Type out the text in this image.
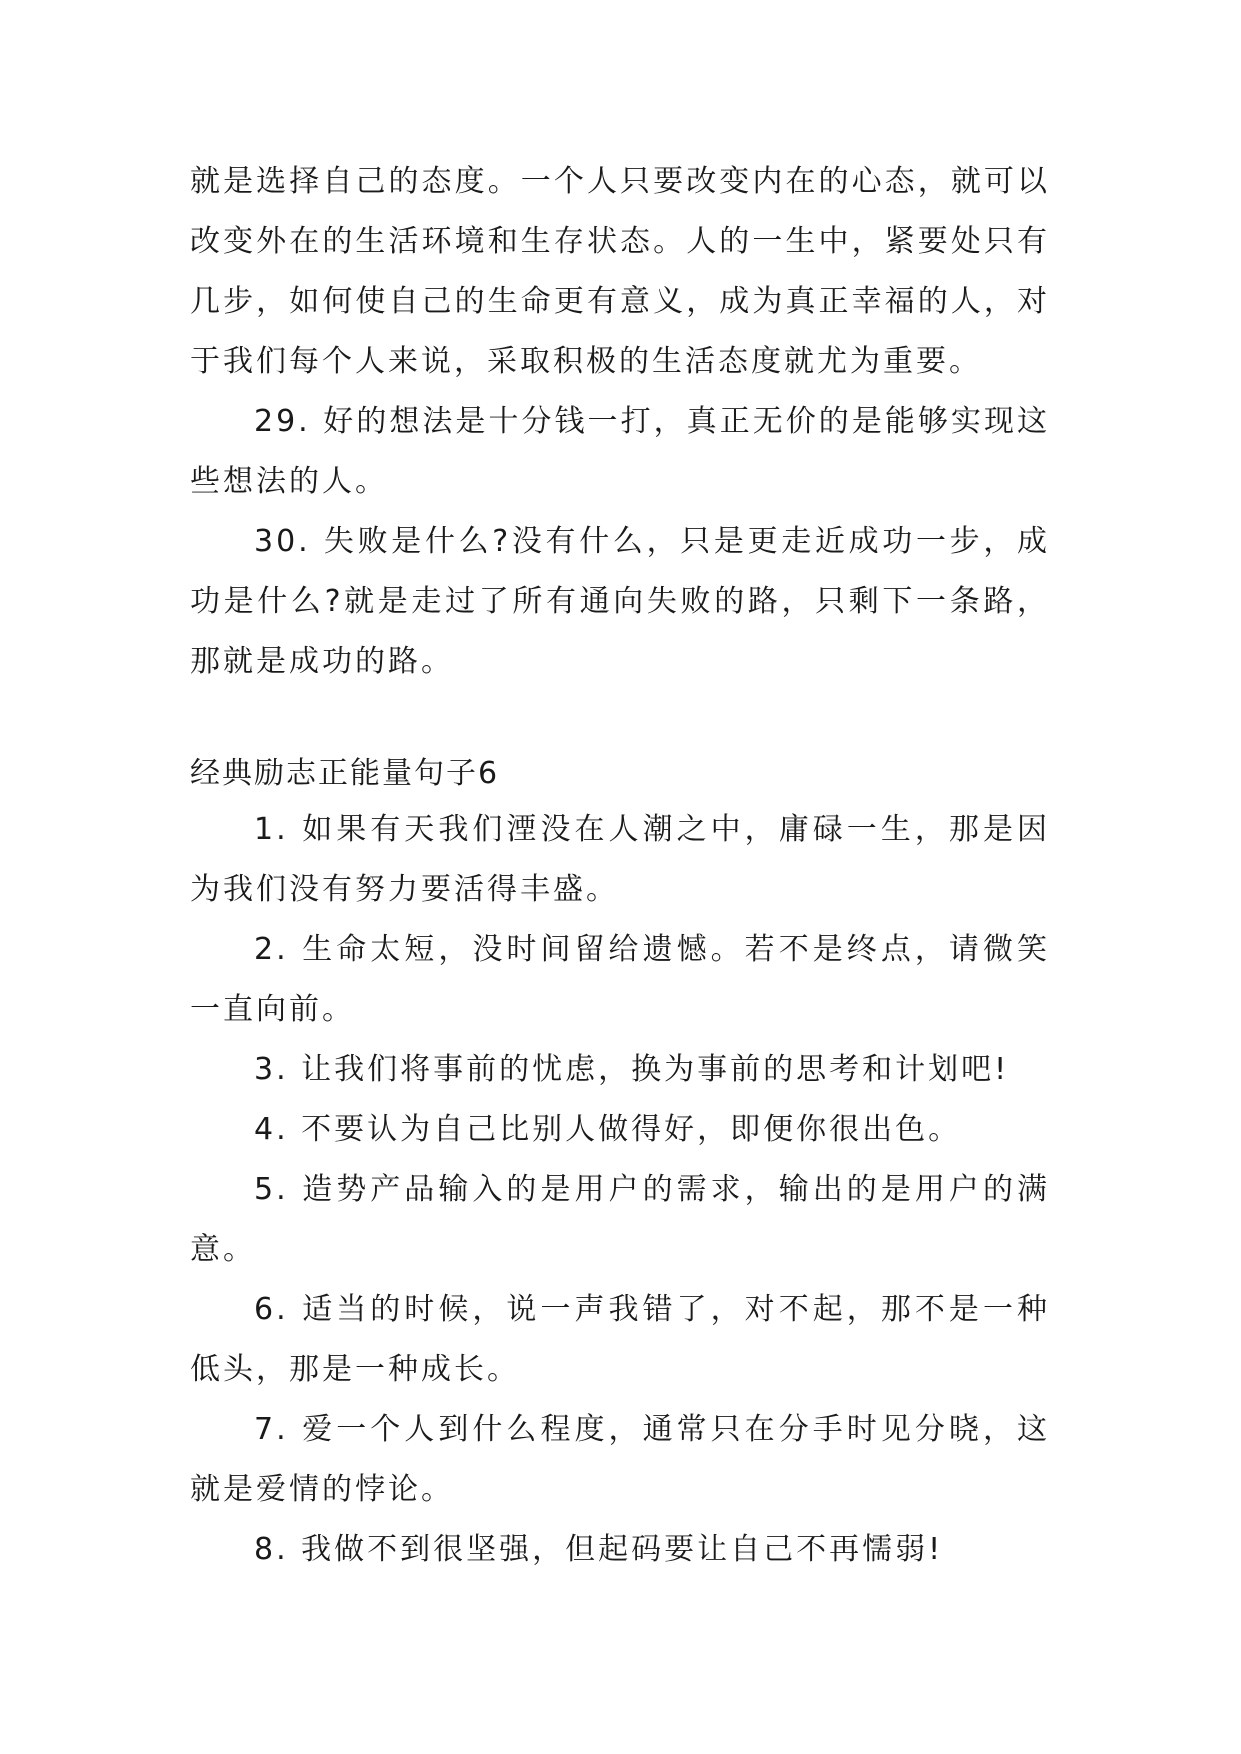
就是选择自己的态度。一个人只要改变内在的心态，就可以改变外在的生活环境和生存状态。人的一生中，紧要处只有几步，如何使自己的生命更有意义，成为真正幸福的人，对于我们每个人来说，采取积极的生活态度就尤为重要。

29. 好的想法是十分钱一打，真正无价的是能够实现这些想法的人。

30. 失败是什么?没有什么，只是更走近成功一步，成功是什么?就是走过了所有通向失败的路，只剩下一条路，那就是成功的路。

经典励志正能量句子6

1. 如果有天我们湮没在人潮之中，庸碌一生，那是因为我们没有努力要活得丰盛。

2. 生命太短，没时间留给遗憾。若不是终点，请微笑一直向前。

3. 让我们将事前的忧虑，换为事前的思考和计划吧!

4. 不要认为自己比别人做得好，即便你很出色。

5. 造势产品输入的是用户的需求，输出的是用户的满意。

6. 适当的时候，说一声我错了，对不起，那不是一种低头，那是一种成长。

7. 爱一个人到什么程度，通常只在分手时见分晓，这就是爱情的悖论。

8. 我做不到很坚强，但起码要让自己不再懦弱!
